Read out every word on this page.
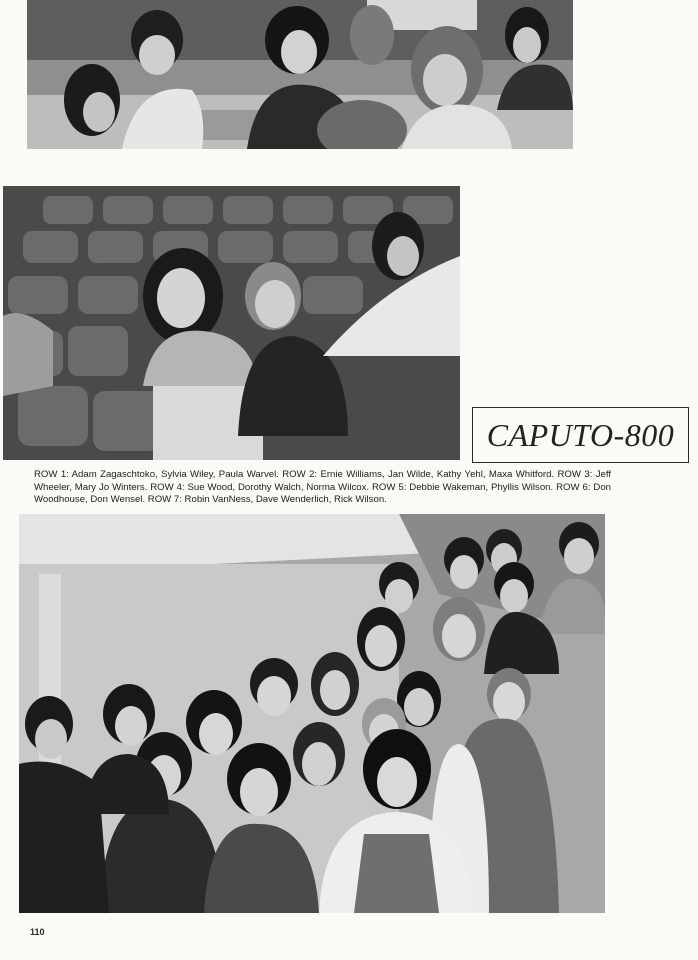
CAPUTO-800
ROW 1: Adam Zagaschtoko, Sylvia Wiley, Paula Warvel. ROW 2: Ernie Williams, Jan Wilde, Kathy Yehl, Maxa Whitford. ROW 3: Jeff Wheeler, Mary Jo Winters. ROW 4: Sue Wood, Dorothy Walch, Norma Wilcox. ROW 5: Debbie Wakeman, Phyllis Wilson. ROW 6: Don Woodhouse, Don Wensel. ROW 7: Robin VanNess, Dave Wenderlich, Rick Wilson.
110
